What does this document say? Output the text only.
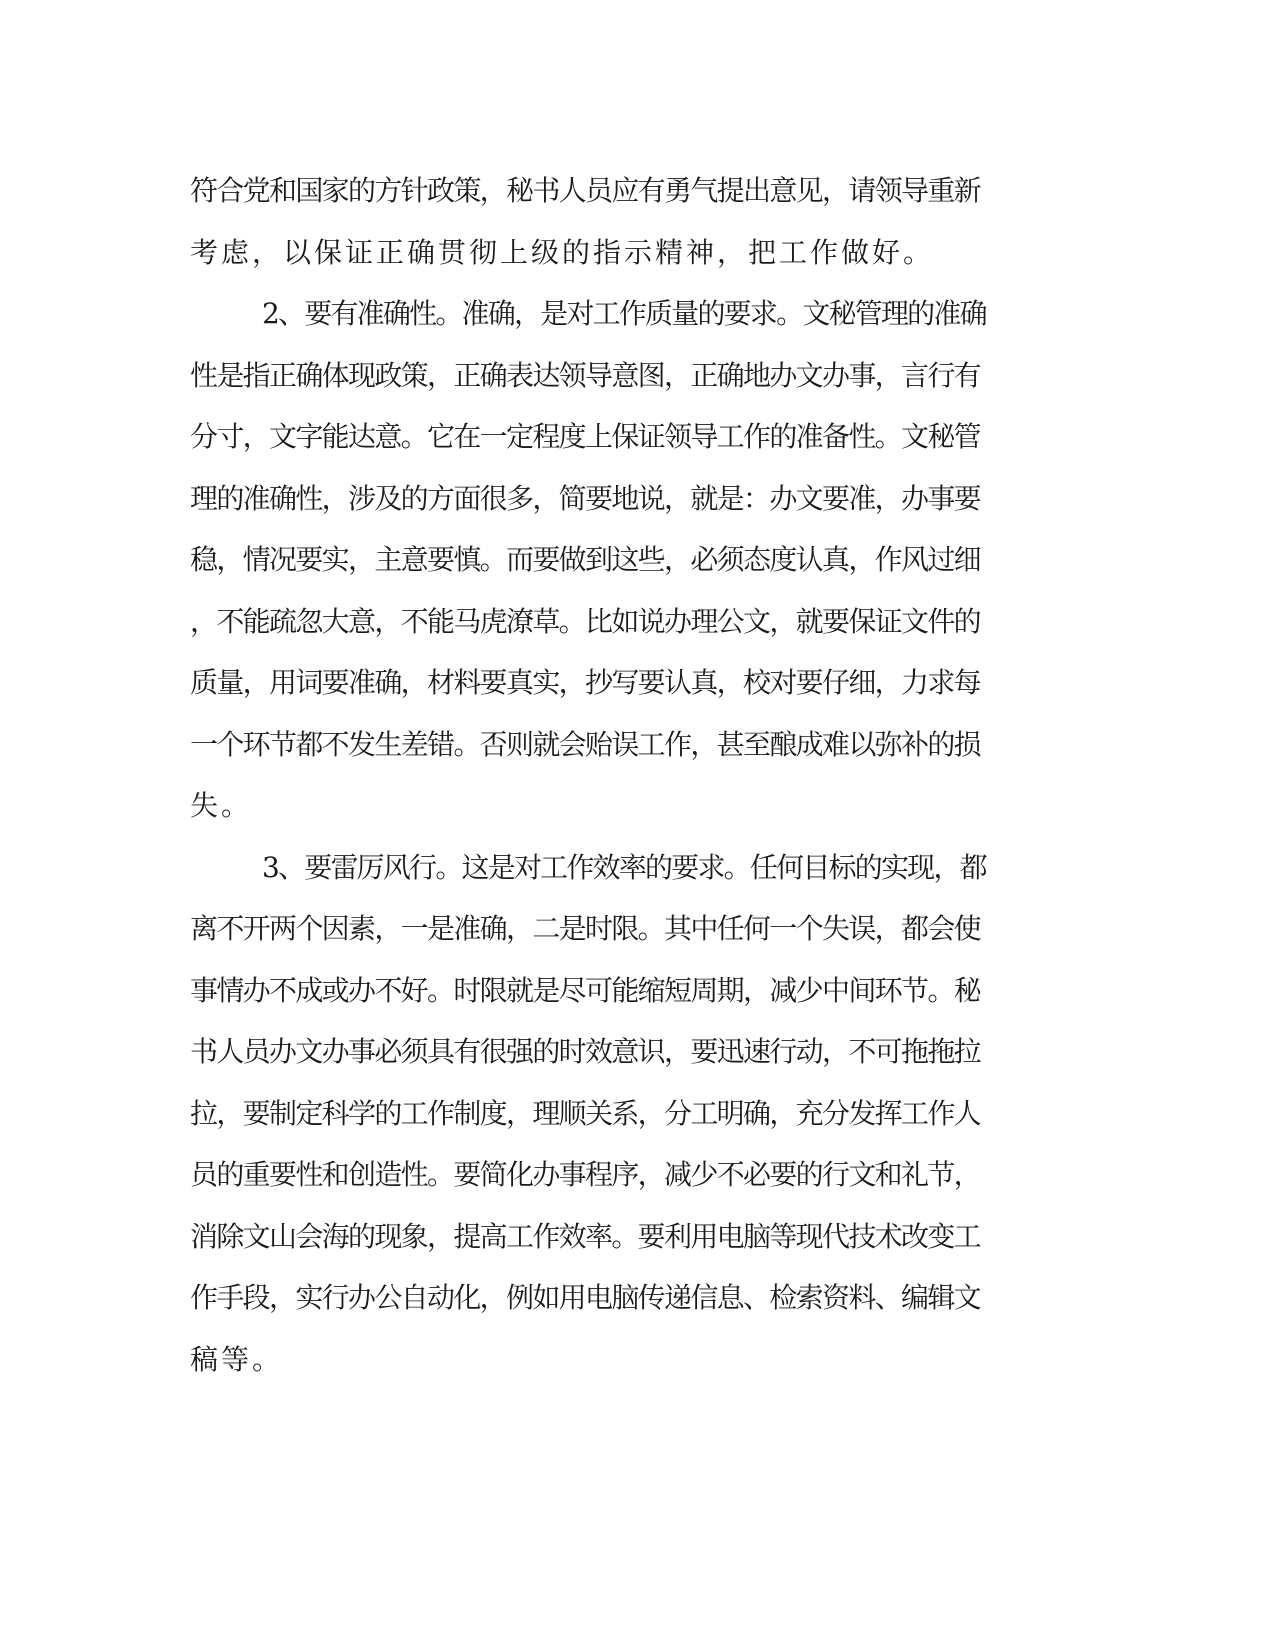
符合党和国家的方针政策，秘书人员应有勇气提出意见，请领导重新
考虑，以保证正确贯彻上级的指示精神，把工作做好。
2、要有准确性。准确，是对工作质量的要求。文秘管理的准确
性是指正确体现政策，正确表达领导意图，正确地办文办事，言行有
分寸，文字能达意。它在一定程度上保证领导工作的准备性。文秘管
理的准确性，涉及的方面很多，简要地说，就是：办文要准，办事要
稳，情况要实，主意要慎。而要做到这些，必须态度认真，作风过细
，不能疏忽大意，不能马虎潦草。比如说办理公文，就要保证文件的
质量，用词要准确，材料要真实，抄写要认真，校对要仔细，力求每
一个环节都不发生差错。否则就会贻误工作，甚至酿成难以弥补的损
失。
3、要雷厉风行。这是对工作效率的要求。任何目标的实现，都
离不开两个因素，一是准确，二是时限。其中任何一个失误，都会使
事情办不成或办不好。时限就是尽可能缩短周期，减少中间环节。秘
书人员办文办事必须具有很强的时效意识，要迅速行动，不可拖拖拉
拉，要制定科学的工作制度，理顺关系，分工明确，充分发挥工作人
员的重要性和创造性。要简化办事程序，减少不必要的行文和礼节，
消除文山会海的现象，提高工作效率。要利用电脑等现代技术改变工
作手段，实行办公自动化，例如用电脑传递信息、检索资料、编辑文
稿等。
